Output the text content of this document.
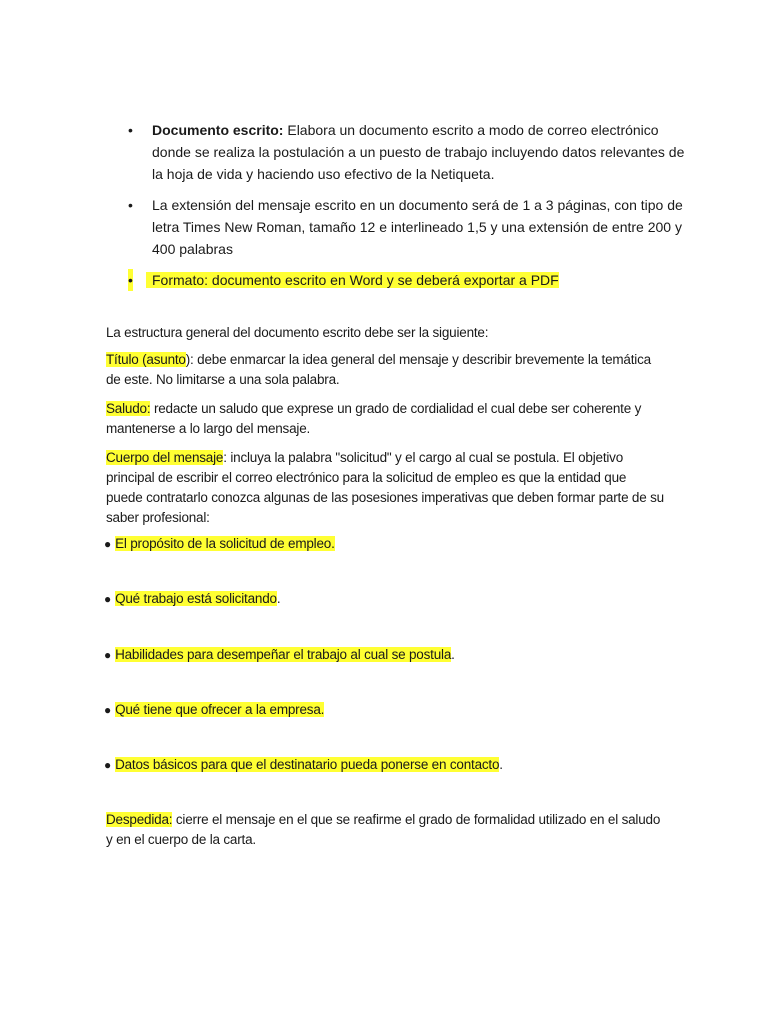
• Documento escrito: Elabora un documento escrito a modo de correo electrónico donde se realiza la postulación a un puesto de trabajo incluyendo datos relevantes de la hoja de vida y haciendo uso efectivo de la Netiqueta.
• La extensión del mensaje escrito en un documento será de 1 a 3 páginas, con tipo de letra Times New Roman, tamaño 12 e interlineado 1,5 y una extensión de entre 200 y 400 palabras
• Formato: documento escrito en Word y se deberá exportar a PDF
La estructura general del documento escrito debe ser la siguiente:
Título (asunto): debe enmarcar la idea general del mensaje y describir brevemente la temática de este. No limitarse a una sola palabra.
Saludo: redacte un saludo que exprese un grado de cordialidad el cual debe ser coherente y mantenerse a lo largo del mensaje.
Cuerpo del mensaje: incluya la palabra "solicitud" y el cargo al cual se postula. El objetivo principal de escribir el correo electrónico para la solicitud de empleo es que la entidad que puede contratarlo conozca algunas de las posesiones imperativas que deben formar parte de su saber profesional:
● El propósito de la solicitud de empleo.
● Qué trabajo está solicitando.
● Habilidades para desempeñar el trabajo al cual se postula.
● Qué tiene que ofrecer a la empresa.
● Datos básicos para que el destinatario pueda ponerse en contacto.
Despedida: cierre el mensaje en el que se reafirme el grado de formalidad utilizado en el saludo y en el cuerpo de la carta.
